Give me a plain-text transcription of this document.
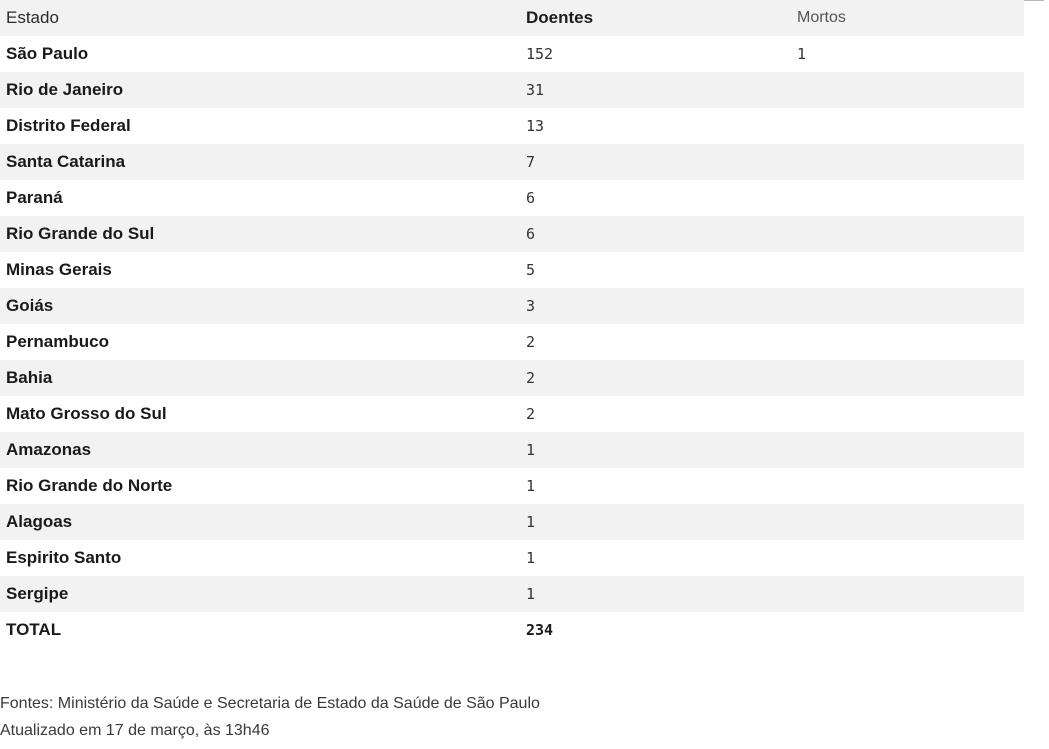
Estado	Doentes	Mortos
São Paulo	152	1
Rio de Janeiro	31	
Distrito Federal	13	
Santa Catarina	7	
Paraná	6	
Rio Grande do Sul	6	
Minas Gerais	5	
Goiás	3	
Pernambuco	2	
Bahia	2	
Mato Grosso do Sul	2	
Amazonas	1	
Rio Grande do Norte	1	
Alagoas	1	
Espirito Santo	1	
Sergipe	1	
TOTAL	234	
Fontes: Ministério da Saúde e Secretaria de Estado da Saúde de São Paulo
Atualizado em 17 de março, às 13h46
